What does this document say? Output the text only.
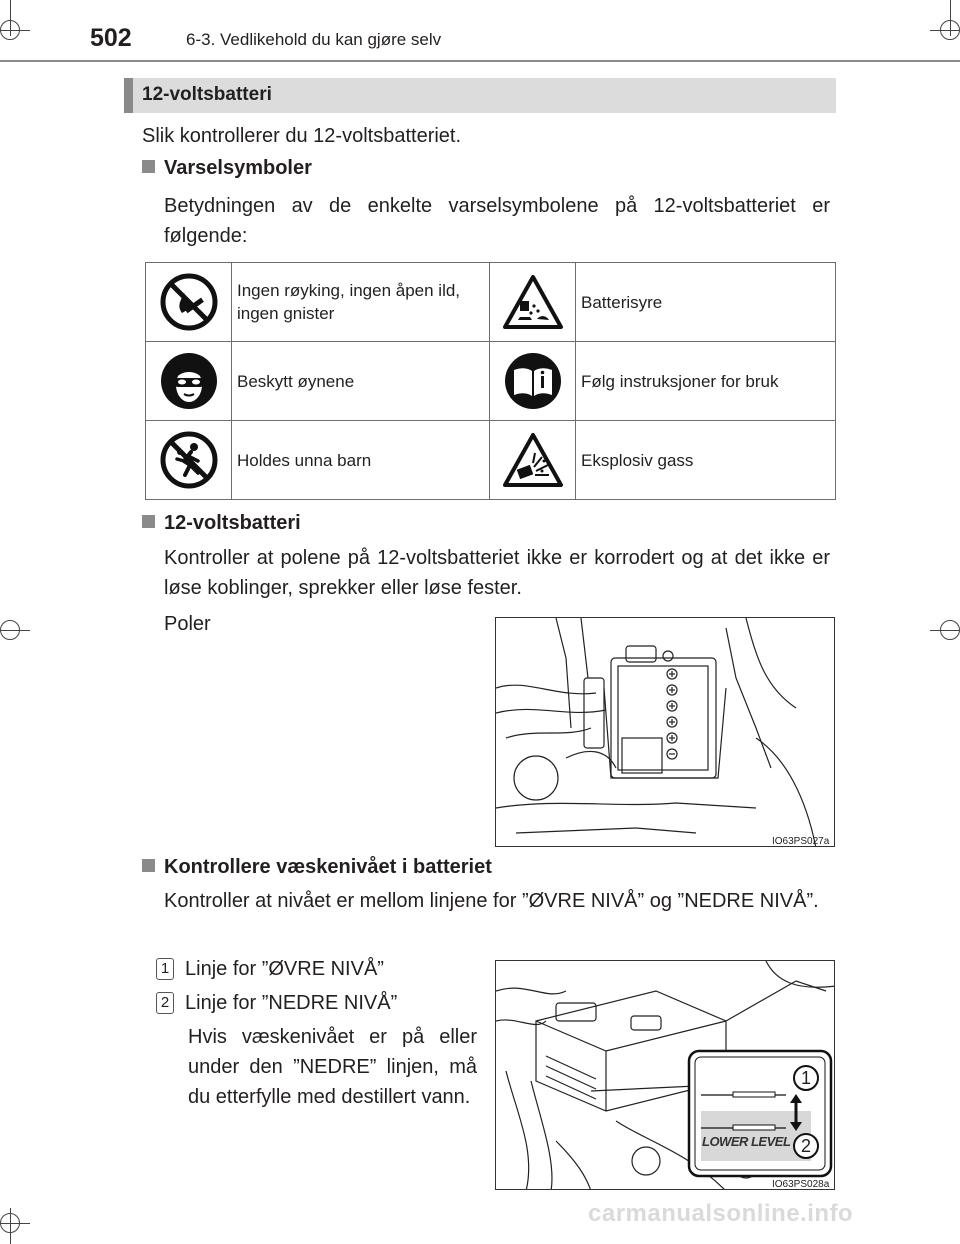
502	6-3. Vedlikehold du kan gjøre selv
12-voltsbatteri
Slik kontrollerer du 12-voltsbatteriet.
Varselsymboler
Betydningen av de enkelte varselsymbolene på 12-voltsbatteriet er følgende:
	Ingen røyking, ingen åpen ild, ingen gnister		Batterisyre
	Beskytt øynene		Følg instruksjoner for bruk
	Holdes unna barn		Eksplosiv gass
12-voltsbatteri
Kontroller at polene på 12-voltsbatteriet ikke er korrodert og at det ikke er løse koblinger, sprekker eller løse fester.
Poler
IO63PS027a
Kontrollere væskenivået i batteriet
Kontroller at nivået er mellom linjene for ”ØVRE NIVÅ” og ”NEDRE NIVÅ”.
1 Linje for ”ØVRE NIVÅ”
2 Linje for ”NEDRE NIVÅ”
Hvis væskenivået er på eller under den ”NEDRE” linjen, må du etterfylle med destillert vann.
LOWER LEVEL
1
2
IO63PS028a
carmanualsonline.info
